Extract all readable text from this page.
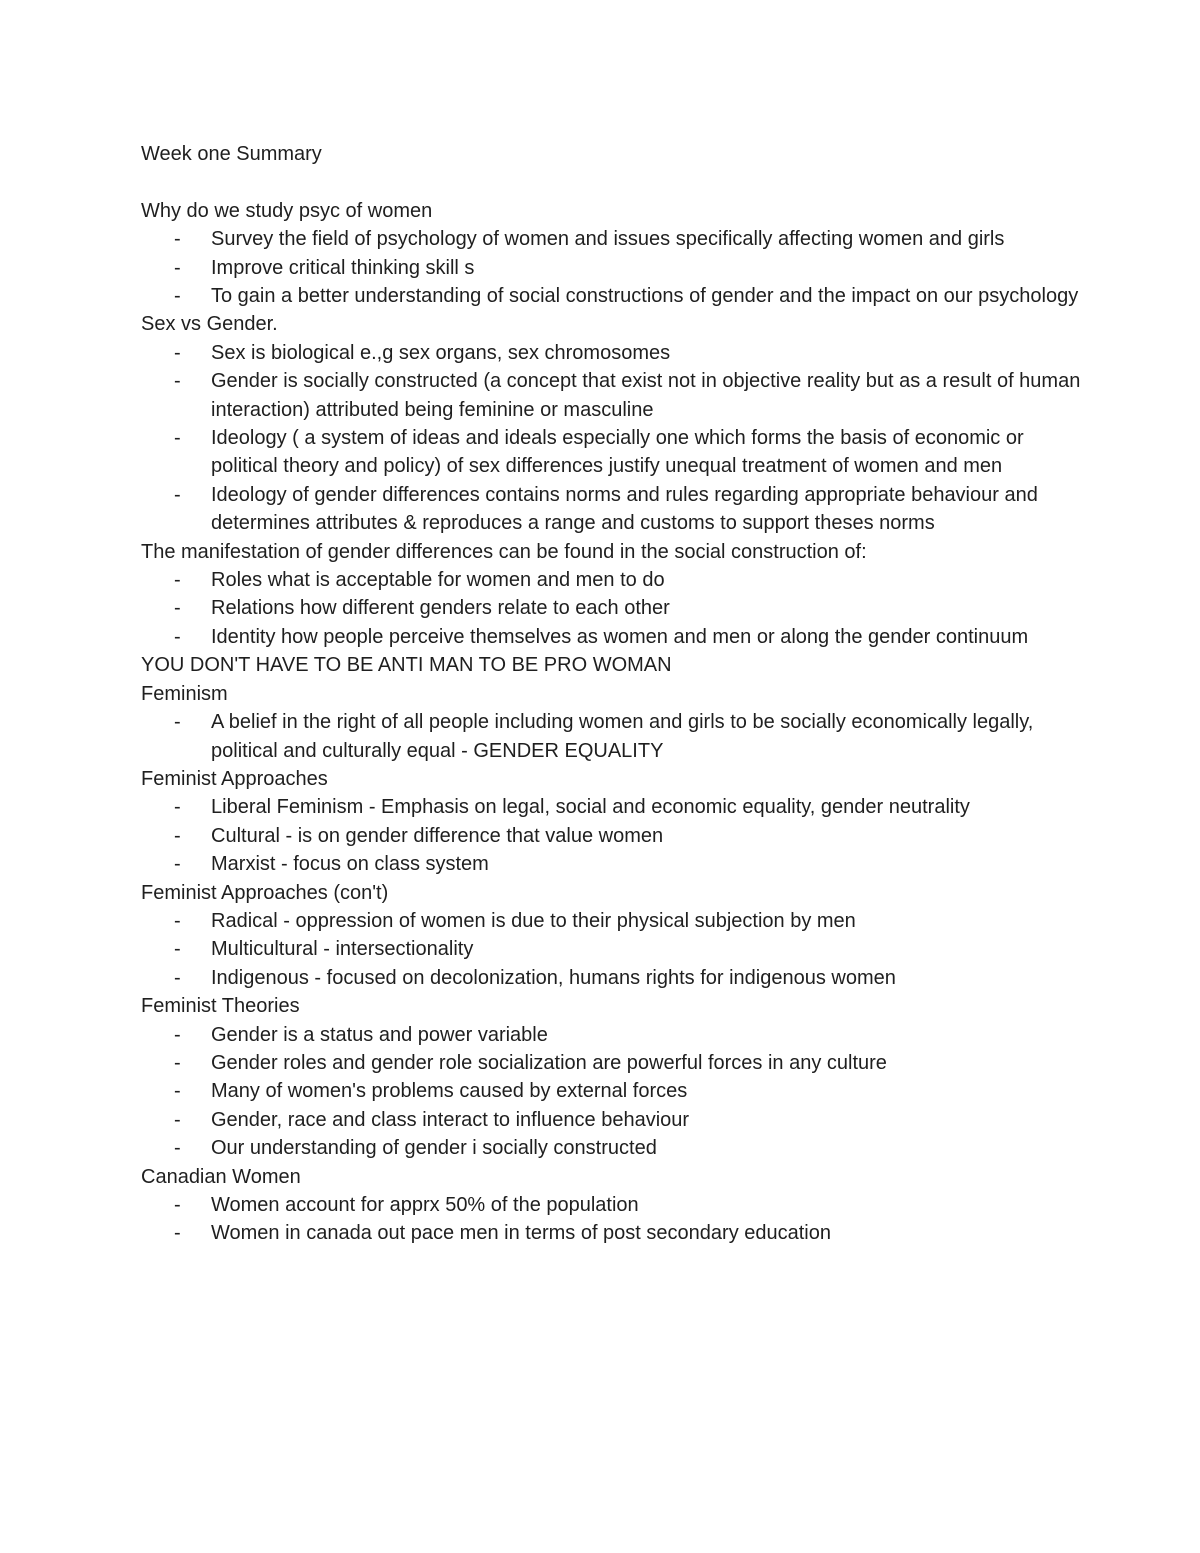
Week one Summary

Why do we study psyc of women

- Survey the field of psychology of women and issues specifically affecting women and girls
- Improve critical thinking skill s
- To gain a better understanding of social constructions of gender and the impact on our psychology

Sex vs Gender.

- Sex is biological e.,g sex organs, sex chromosomes
- Gender is socially constructed (a concept that exist not in objective reality but as a result of human interaction) attributed being feminine or masculine
- Ideology ( a system of ideas and ideals especially one which forms the basis of economic or political theory and policy) of sex differences justify unequal treatment of women and men
- Ideology of gender differences contains norms and rules regarding appropriate behaviour and determines attributes & reproduces a range and customs to support theses norms

The manifestation of gender differences can be found in the social construction of:

- Roles what is acceptable for women and men to do
- Relations how different genders relate to each other
- Identity how people perceive themselves as women and men or along the gender continuum

YOU DON'T HAVE TO BE ANTI MAN TO BE PRO WOMAN

Feminism

- A belief in the right of all people including women and girls to be socially economically legally, political and culturally equal - GENDER EQUALITY

Feminist Approaches

- Liberal Feminism - Emphasis on legal, social and economic equality, gender neutrality
- Cultural - is on gender difference that value women
- Marxist - focus on class system

Feminist Approaches (con't)

- Radical - oppression of women is due to their physical subjection by men
- Multicultural - intersectionality
- Indigenous - focused on decolonization, humans rights for indigenous women

Feminist Theories

- Gender is a status and power variable
- Gender roles and gender role socialization are powerful forces in any culture
- Many of women's problems caused by external forces
- Gender, race and class interact to influence behaviour
- Our understanding of gender i socially constructed

Canadian Women

- Women account for apprx 50% of the population
- Women in canada out pace men in terms of post secondary education
